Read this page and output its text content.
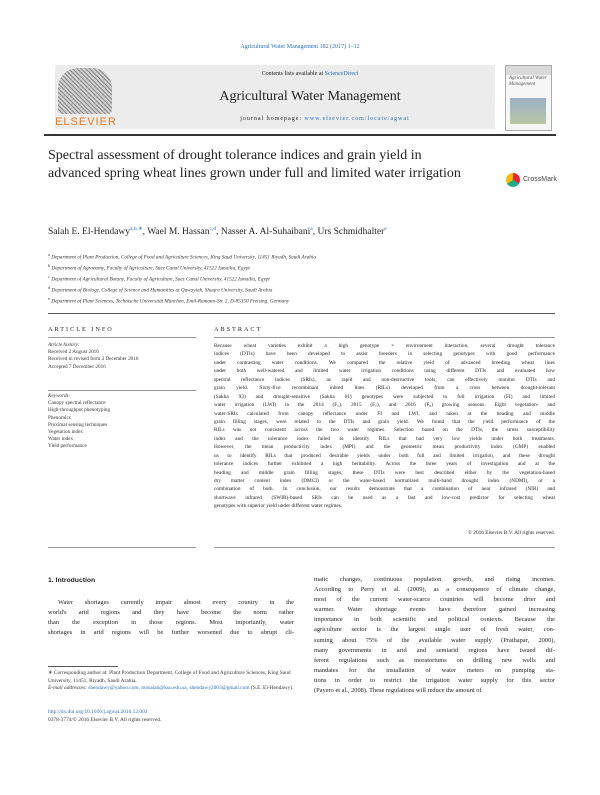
Agricultural Water Management 182 (2017) 1–12
ELSEVIER
Contents lists available at ScienceDirect
Agricultural Water Management
journal homepage: www.elsevier.com/locate/agwat
Agricultural Water Management
Spectral assessment of drought tolerance indices and grain yield in advanced spring wheat lines grown under full and limited water irrigation	CrossMark
Salah E. El-Hendawy$^{a,b,∗}$, Wael M. Hassan$^{c,d}$, Nasser A. Al-Suhaibani$^a$, Urs Schmidhalter$^e$
$^a$ Department of Plant Production, College of Food and Agriculture Sciences, King Saud University, 11451 Riyadh, Saudi Arabia
$^b$ Department of Agronomy, Faculty of Agriculture, Suez Canal University, 41522 Ismailia, Egypt
$^c$ Department of Agricultural Botany, Faculty of Agriculture, Suez Canal University, 41522 Ismailia, Egypt
$^d$ Department of Biology, College of Science and Humanities at Quwayiah, Shaqra University, Saudi Arabia
$^e$ Department of Plant Sciences, Technische Universität München, Emil-Ramann-Str. 2, D-85350 Freising, Germany
ARTICLE INFO	ABSTRACT
Article history:
Received 2 August 2016
Received in revised form 3 December 2016
Accepted 7 December 2016
Keywords:
Canopy spectral reflectance
High-throughput phenotyping
Phenomics
Proximal sensing techniques
Vegetation index
Water index
Yield performance
Because wheat varieties exhibit a high genotype × environment interaction, several drought tolerance
indices (DTIs) have been developed to assist breeders in selecting genotypes with good performance
under contrasting water conditions. We compared the relative yield of advanced breeding wheat lines
under both well-watered and limited water irrigation conditions using different DTIs and evaluated how
spectral reflectance indices (SRIs), as rapid and non-destructive tools, can effectively monitor DTIs and
grain yield. Sixty-five recombinant inbred lines (RILs) developed from a cross between drought-tolerant
(Sakha 93) and drought-sensitive (Sakha 61) genotypes were subjected to full irrigation (FI) and limited
water irrigation (LWI) in the 2014 (F₅), 2015 (F₇), and 2016 (F₈) growing seasons. Eight vegetation- and
water-SRIs calculated from canopy reflectance under FI and LWI, and taken at the heading and middle
grain filling stages, were related to the DTIs and grain yield. We found that the yield performance of the
RILs was not consistent across the two water regimes. Selection based on the DTIs, the stress susceptibility
index and the tolerance index failed to identify RILs that had very low yields under both treatments.
However, the mean productivity index (MPI) and the geometric mean productivity index (GMP) enabled
us to identify RILs that produced desirable yields under both full and limited irrigation, and these drought
tolerance indices further exhibited a high heritability. Across the three years of investigation and at the
heading and middle grain filling stages, these DTIs were best described either by the vegetation-based
dry matter content index (DMCI) or the water-based normalized multi-band drought index (NDMI), or a
combination of both. In conclusion, our results demonstrate that a combination of near infrared (NIR) and
shortwave infrared (SWIR)-based SRIs can be used as a fast and low-cost predictor for selecting wheat
genotypes with superior yield under different water regimes.
© 2016 Elsevier B.V. All rights reserved.
1. Introduction
Water shortages currently impair almost every country in the
world's arid regions and they have become the norm rather
than the exception in those regions. Most importantly, water
shortages in arid regions will be further worsened due to abrupt cli-
matic changes, continuous population growth, and rising incomes.
According to Perry et al. (2009), as a consequence of climate change,
most of the current water-scarce countries will become drier and
warmer. Water shortage events have therefore gained increasing
importance in both scientific and political contexts. Because the
agriculture sector is the largest single user of fresh water, con-
suming about 75% of the available water supply (Prathapar, 2000),
many governments in arid and semiarid regions have issued dif-
ferent regulations such as moratoriums on drilling new wells and
mandates for the installation of water meters on pumping sta-
tions in order to restrict the irrigation water supply for this sector
(Payero et al., 2008). These regulations will reduce the amount of
∗ Corresponding author at: Plant Production Department, College of Food and Agriculture Sciences, King Saud University, 11451, Riyadh, Saudi Arabia.
E-mail addresses: shendawy@yahoo.com, mosalah@ksu.edu.sa, shendawy2003@gmail.com (S.E. El-Hendawy).
http://dx.doi.org/10.1016/j.agwat.2016.12.003
0378-3774/© 2016 Elsevier B.V. All rights reserved.
